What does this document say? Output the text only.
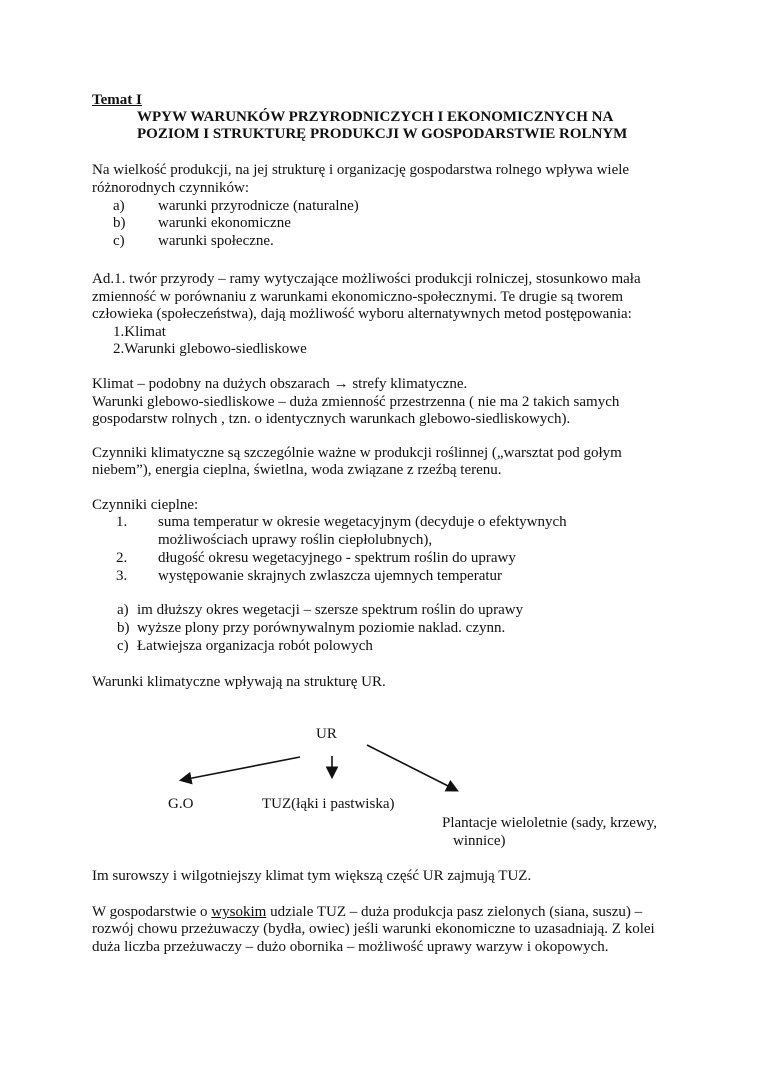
Temat I
WPYW WARUNKÓW PRZYRODNICZYCH I EKONOMICZNYCH NA
POZIOM I STRUKTURĘ PRODUKCJI W GOSPODARSTWIE ROLNYM
Na wielkość produkcji, na jej strukturę i organizację gospodarstwa rolnego wpływa wiele
różnorodnych czynników:
a) warunki przyrodnicze (naturalne)
b) warunki ekonomiczne
c) warunki społeczne.
Ad.1. twór przyrody – ramy wytyczające możliwości produkcji rolniczej, stosunkowo mała
zmienność w porównaniu z warunkami ekonomiczno-społecznymi. Te drugie są tworem
człowieka (społeczeństwa), dają możliwość wyboru alternatywnych metod postępowania:
1.Klimat
2.Warunki glebowo-siedliskowe
Klimat – podobny na dużych obszarach → strefy klimatyczne.
Warunki glebowo-siedliskowe – duża zmienność przestrzenna ( nie ma 2 takich samych
gospodarstw rolnych , tzn. o identycznych warunkach glebowo-siedliskowych).
Czynniki klimatyczne są szczególnie ważne w produkcji roślinnej („warsztat pod gołym
niebem”), energia cieplna, świetlna, woda związane z rzeźbą terenu.
Czynniki cieplne:
1. suma temperatur w okresie wegetacyjnym (decyduje o efektywnych
możliwościach uprawy roślin ciepłolubnych),
2. długość okresu wegetacyjnego - spektrum roślin do uprawy
3. występowanie skrajnych zwlaszcza ujemnych temperatur
a) im dłuższy okres wegetacji – szersze spektrum roślin do uprawy
b) wyższe plony przy porównywalnym poziomie naklad. czynn.
c) Łatwiejsza organizacja robót polowych
Warunki klimatyczne wpływają na strukturę UR.
UR
G.O	TUZ(łąki i pastwiska)
Plantacje wieloletnie (sady, krzewy,
winnice)
Im surowszy i wilgotniejszy klimat tym większą część UR zajmują TUZ.
W gospodarstwie o wysokim udziale TUZ – duża produkcja pasz zielonych (siana, suszu) –
rozwój chowu przeżuwaczy (bydła, owiec) jeśli warunki ekonomiczne to uzasadniają. Z kolei
duża liczba przeżuwaczy – dużo obornika – możliwość uprawy warzyw i okopowych.
